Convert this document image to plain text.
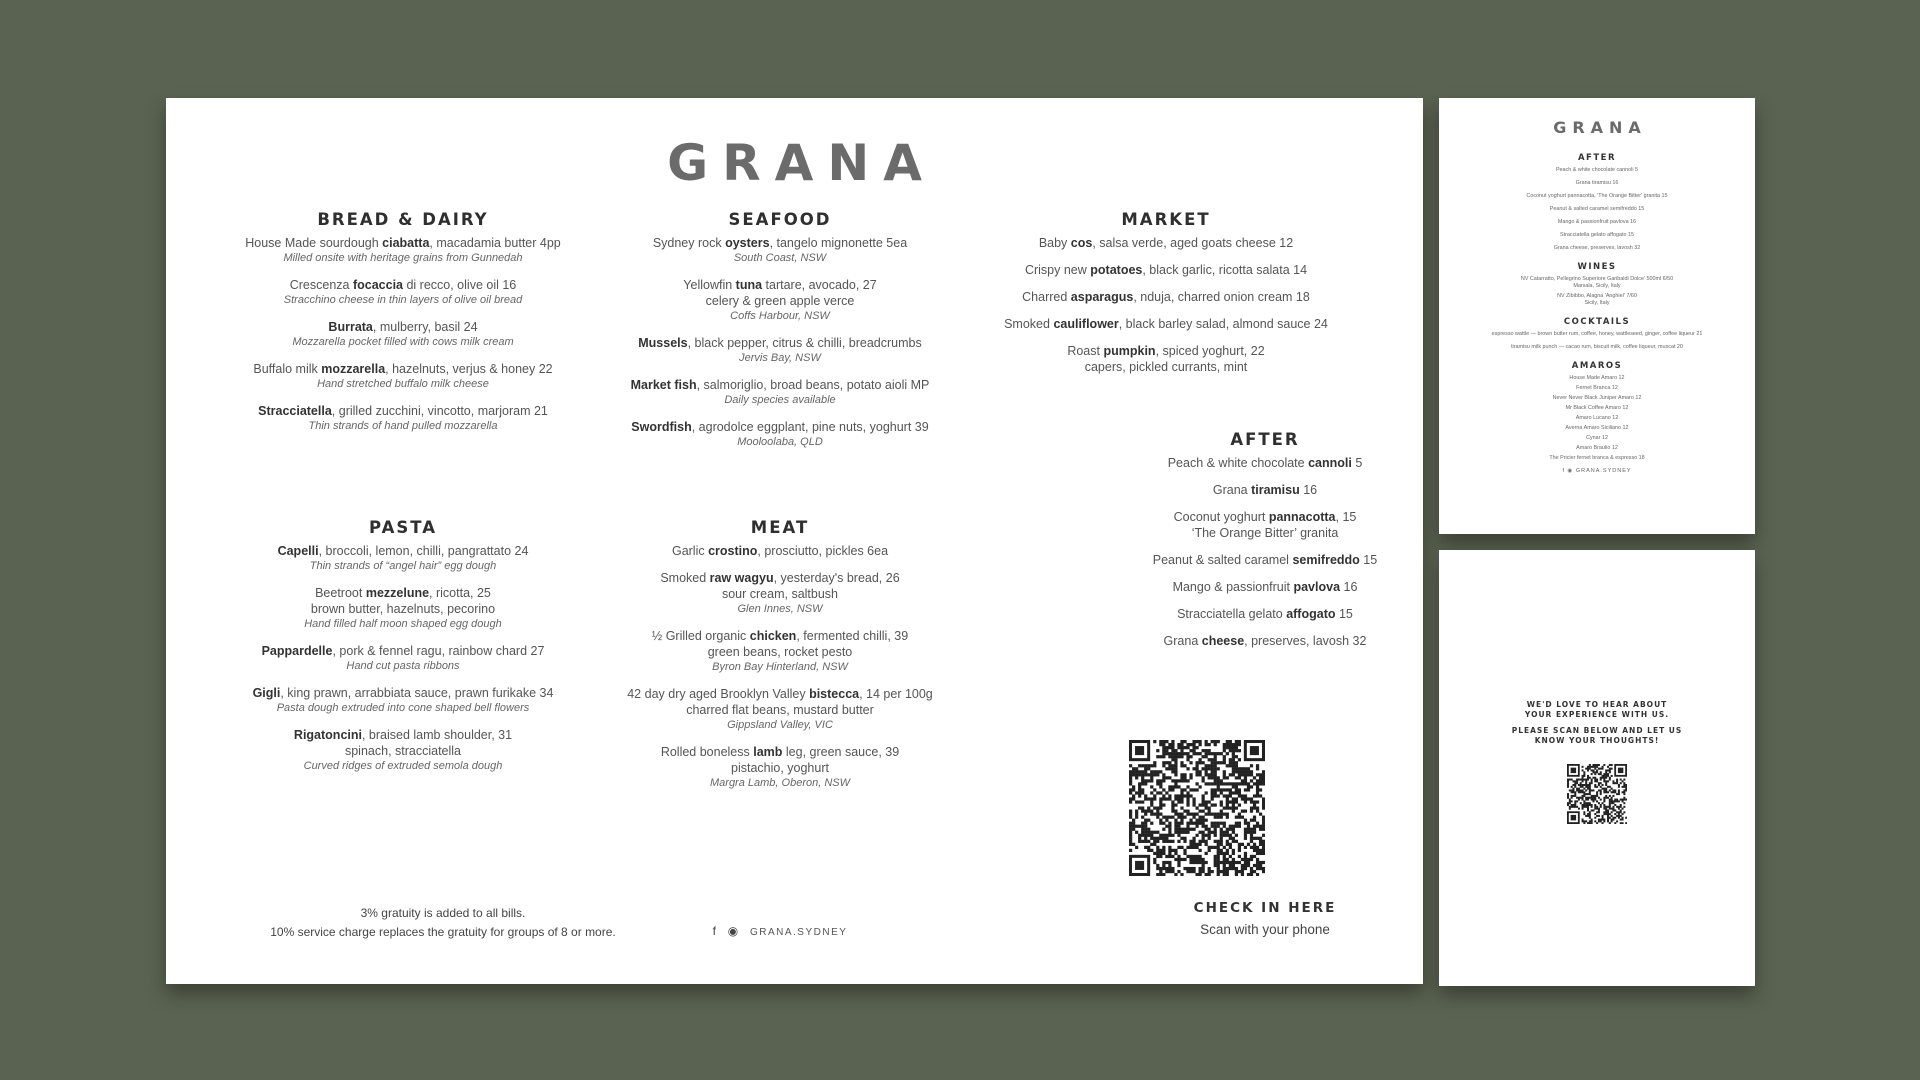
GRANA
BREAD & DAIRY
House Made sourdough ciabatta, macadamia butter 4pp
Milled onsite with heritage grains from Gunnedah
Crescenza focaccia di recco, olive oil 16
Stracchino cheese in thin layers of olive oil bread
Burrata, mulberry, basil 24
Mozzarella pocket filled with cows milk cream
Buffalo milk mozzarella, hazelnuts, verjus & honey 22
Hand stretched buffalo milk cheese
Stracciatella, grilled zucchini, vincotto, marjoram 21
Thin strands of hand pulled mozzarella
SEAFOOD
Sydney rock oysters, tangelo mignonette 5ea
South Coast, NSW
Yellowfin tuna tartare, avocado, 27
celery & green apple verce
Coffs Harbour, NSW
Mussels, black pepper, citrus & chilli, breadcrumbs
Jervis Bay, NSW
Market fish, salmoriglio, broad beans, potato aioli MP
Daily species available
Swordfish, agrodolce eggplant, pine nuts, yoghurt 39
Mooloolaba, QLD
MARKET
Baby cos, salsa verde, aged goats cheese 12
Crispy new potatoes, black garlic, ricotta salata 14
Charred asparagus, nduja, charred onion cream 18
Smoked cauliflower, black barley salad, almond sauce 24
Roast pumpkin, spiced yoghurt, 22
capers, pickled currants, mint
PASTA
Capelli, broccoli, lemon, chilli, pangrattato 24
Thin strands of “angel hair” egg dough
Beetroot mezzelune, ricotta, 25
brown butter, hazelnuts, pecorino
Hand filled half moon shaped egg dough
Pappardelle, pork & fennel ragu, rainbow chard 27
Hand cut pasta ribbons
Gigli, king prawn, arrabbiata sauce, prawn furikake 34
Pasta dough extruded into cone shaped bell flowers
Rigatoncini, braised lamb shoulder, 31
spinach, stracciatella
Curved ridges of extruded semola dough
MEAT
Garlic crostino, prosciutto, pickles 6ea
Smoked raw wagyu, yesterday's bread, 26
sour cream, saltbush
Glen Innes, NSW
½ Grilled organic chicken, fermented chilli, 39
green beans, rocket pesto
Byron Bay Hinterland, NSW
42 day dry aged Brooklyn Valley bistecca, 14 per 100g
charred flat beans, mustard butter
Gippsland Valley, VIC
Rolled boneless lamb leg, green sauce, 39
pistachio, yoghurt
Margra Lamb, Oberon, NSW
AFTER
Peach & white chocolate cannoli 5
Grana tiramisu 16
Coconut yoghurt pannacotta, 15
‘The Orange Bitter’ granita
Peanut & salted caramel semifreddo 15
Mango & passionfruit pavlova 16
Stracciatella gelato affogato 15
Grana cheese, preserves, lavosh 32
CHECK IN HERE
Scan with your phone
3% gratuity is added to all bills.
10% service charge replaces the gratuity for groups of 8 or more.	f ◉ GRANA.SYDNEY
GRANA
AFTER
Peach & white chocolate cannoli 5
Grana tiramisu 16
Coconut yoghurt pannacotta, 'The Orange Bitter' granita 15
Peanut & salted caramel semifreddo 15
Mango & passionfruit pavlova 16
Stracciatella gelato affogato 15
Grana cheese, preserves, lavosh 32
WINES
NV Catarratto, Pellegrino Superiore Garibaldi Dolce' 500ml 6/50
Marsala, Sicily, Italy
NV Zibibbo, Alagna 'Anghiel' 7/60
Sicily, Italy
COCKTAILS
espresso wattle — brown butter rum, coffee, honey, wattleseed, ginger, coffee liqueur 21
tiramisu milk punch — cacao rum, biscuit milk, coffee liqueur, muscat 20
AMAROS
House Made Amaro 12
Fernet Branca 12
Never Never Black Juniper Amaro 12
Mr Black Coffee Amaro 12
Amaro Lucano 12
Averna Amaro Siciliano 12
Cynar 12
Amaro Braulio 12
The Pricier fernet branca & espresso 18
f ◉ GRANA.SYDNEY
WE'D LOVE TO HEAR ABOUT
YOUR EXPERIENCE WITH US.
PLEASE SCAN BELOW AND LET US
KNOW YOUR THOUGHTS!
